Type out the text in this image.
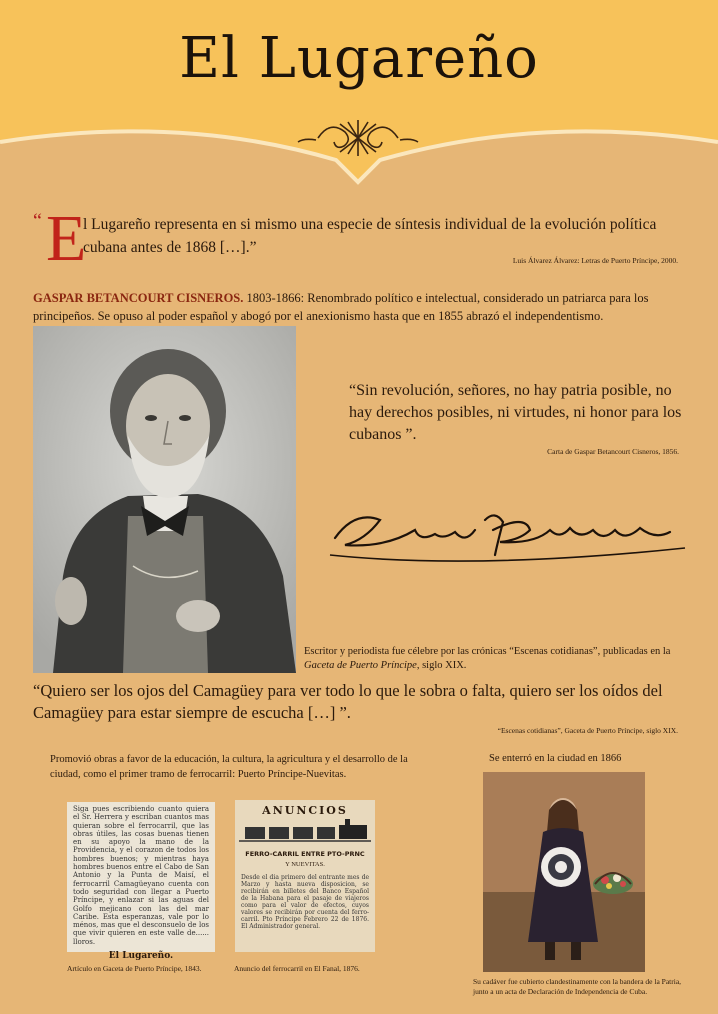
El Lugareño
“ E
l Lugareño representa en si mismo una especie de síntesis individual de la evolución política cubana antes de 1868 […].”
Luis Álvarez Álvarez: Letras de Puerto Príncipe, 2000.
GASPAR BETANCOURT CISNEROS. 1803-1866: Renombrado político e intelectual, considerado un patriarca para los principeños. Se opuso al poder español y abogó por el anexionismo hasta que en 1855 abrazó el independentismo.
“Sin revolución, señores, no hay patria posible, no hay derechos posibles, ni virtudes, ni honor para los cubanos ”.
Carta de Gaspar Betancourt Cisneros, 1856.
Escritor y periodista fue célebre por las crónicas “Escenas cotidianas”, publicadas en la Gaceta de Puerto Príncipe, siglo XIX.
“Quiero ser los ojos del Camagüey para ver todo lo que le sobra o falta, quiero ser los oídos del Camagüey para estar siempre de escucha […] ”.
“Escenas cotidianas”, Gaceta de Puerto Príncipe, siglo XIX.
Promovió obras a favor de la educación, la cultura, la agricultura y el desarrollo de la ciudad, como el primer tramo de ferrocarril: Puerto Príncipe-Nuevitas.
Se enterró en la ciudad en 1866
Siga pues escribiendo cuanto quiera el Sr. Herrera y escriban cuantos mas quieran sobre el ferrocarril, que las obras útiles, las cosas buenas tienen en su apoyo la mano de la Providencia, y el corazon de todos los hombres buenos; y mientras haya hombres buenos entre el Cabo de San Antonio y la Punta de Maisí, el ferrocarril Camagüeyano cuenta con todo seguridad con llegar a Puerto Príncipe, y enlazar si las aguas del Golfo mejicano con las del mar Caribe. Esta esperanzas, vale por lo ménos, mas que el desconsuelo de los que vivir quieren en este valle de...... lloros.
El Lugareño.
ANUNCIOS
FERRO-CARRIL ENTRE PTO-PRNC
Y NUEVITAS.
Desde el dia primero del entrante mes de Marzo y hasta nueva disposicion, se recibirán en billetes del Banco Español de la Habana para el pasaje de viajeros como para el valor de efectos, cuyos valores se recibirán por cuenta del ferro-carril. Pto Príncipe Febrero 22 de 1876. El Administrador general.
Artículo en Gaceta de Puerto Príncipe, 1843.	Anuncio del ferrocarril en El Fanal, 1876.
Su cadáver fue cubierto clandestinamente con la bandera de la Patria, junto a un acta de Declaración de Independencia de Cuba.
